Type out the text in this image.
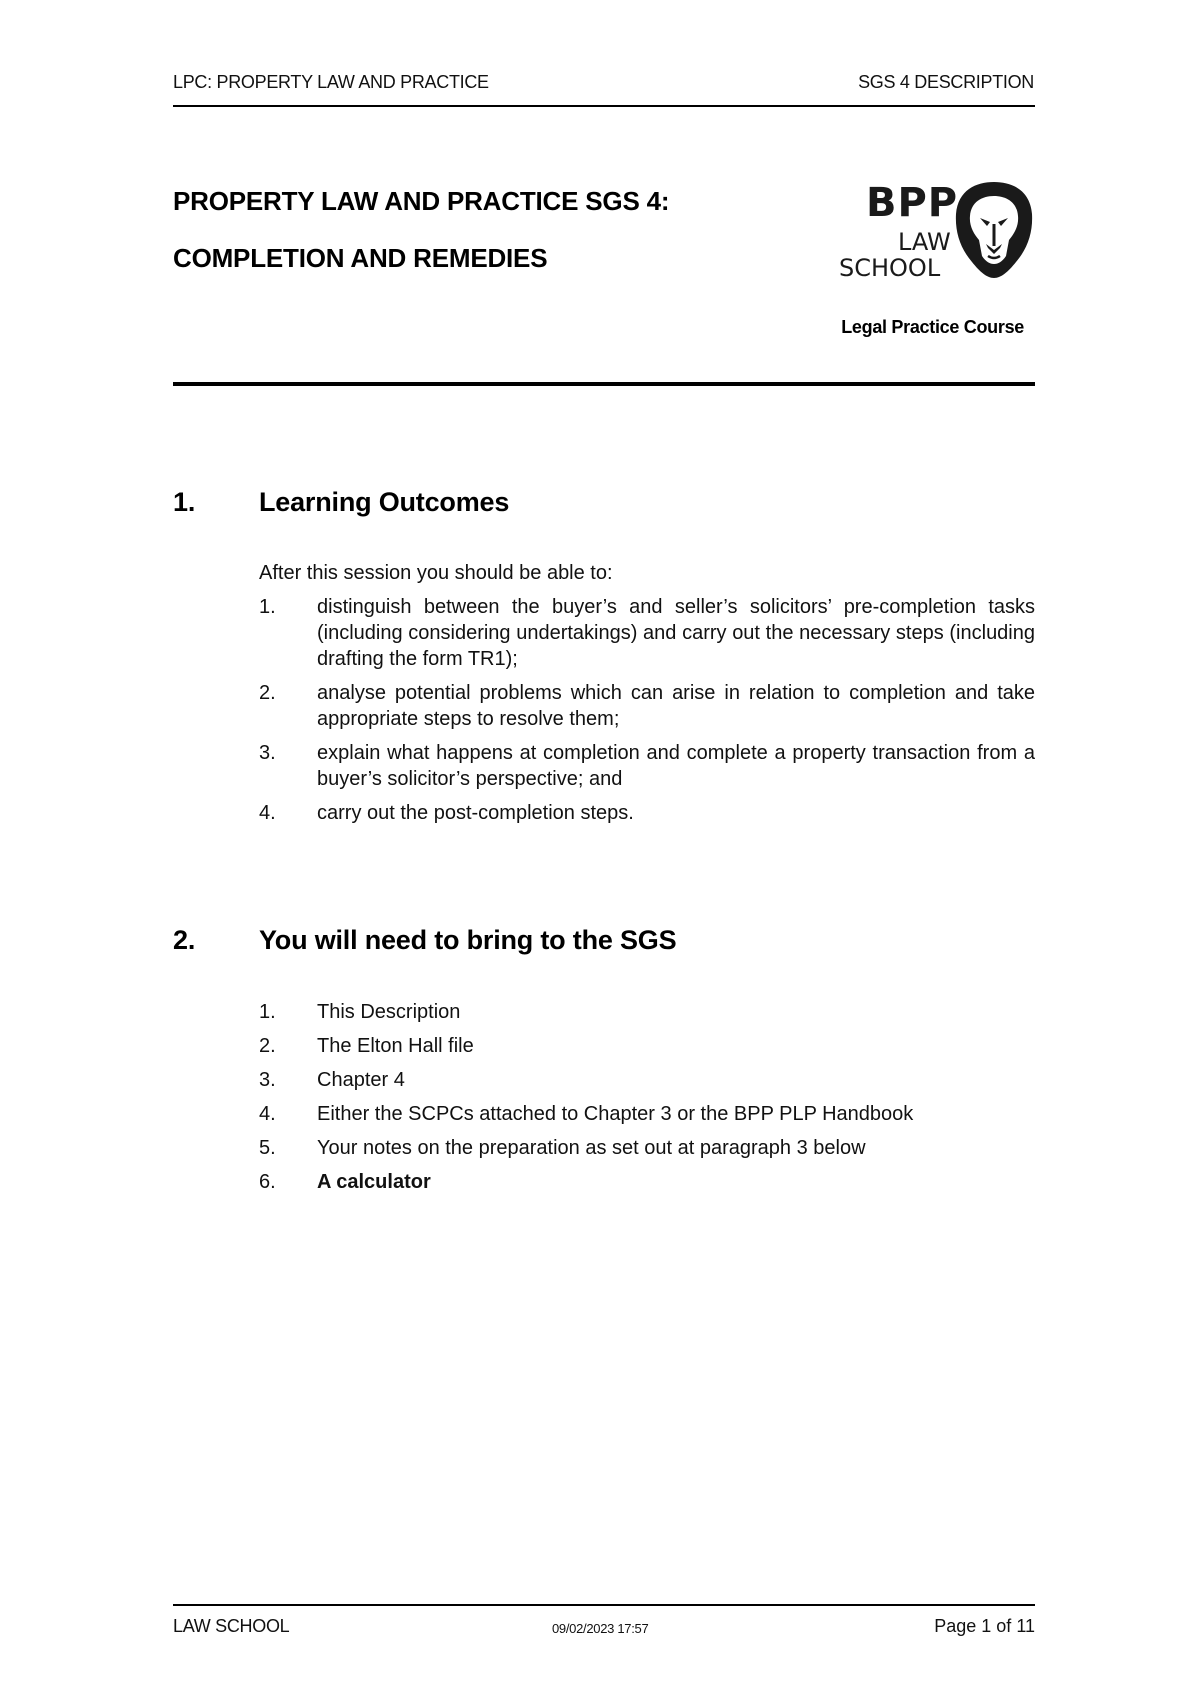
LPC: PROPERTY LAW AND PRACTICE	SGS 4 DESCRIPTION
PROPERTY LAW AND PRACTICE SGS 4:
COMPLETION AND REMEDIES
BPP
LAW
SCHOOL
Legal Practice Course
1. Learning Outcomes
After this session you should be able to:
1.	distinguish between the buyer’s and seller’s solicitors’ pre-completion tasks (including considering undertakings) and carry out the necessary steps (including drafting the form TR1);
2.	analyse potential problems which can arise in relation to completion and take appropriate steps to resolve them;
3.	explain what happens at completion and complete a property transaction from a buyer’s solicitor’s perspective; and
4.	carry out the post-completion steps.
2. You will need to bring to the SGS
1.	This Description
2.	The Elton Hall file
3.	Chapter 4
4.	Either the SCPCs attached to Chapter 3 or the BPP PLP Handbook
5.	Your notes on the preparation as set out at paragraph 3 below
6.	A calculator
LAW SCHOOL	09/02/2023 17:57	Page 1 of 11
